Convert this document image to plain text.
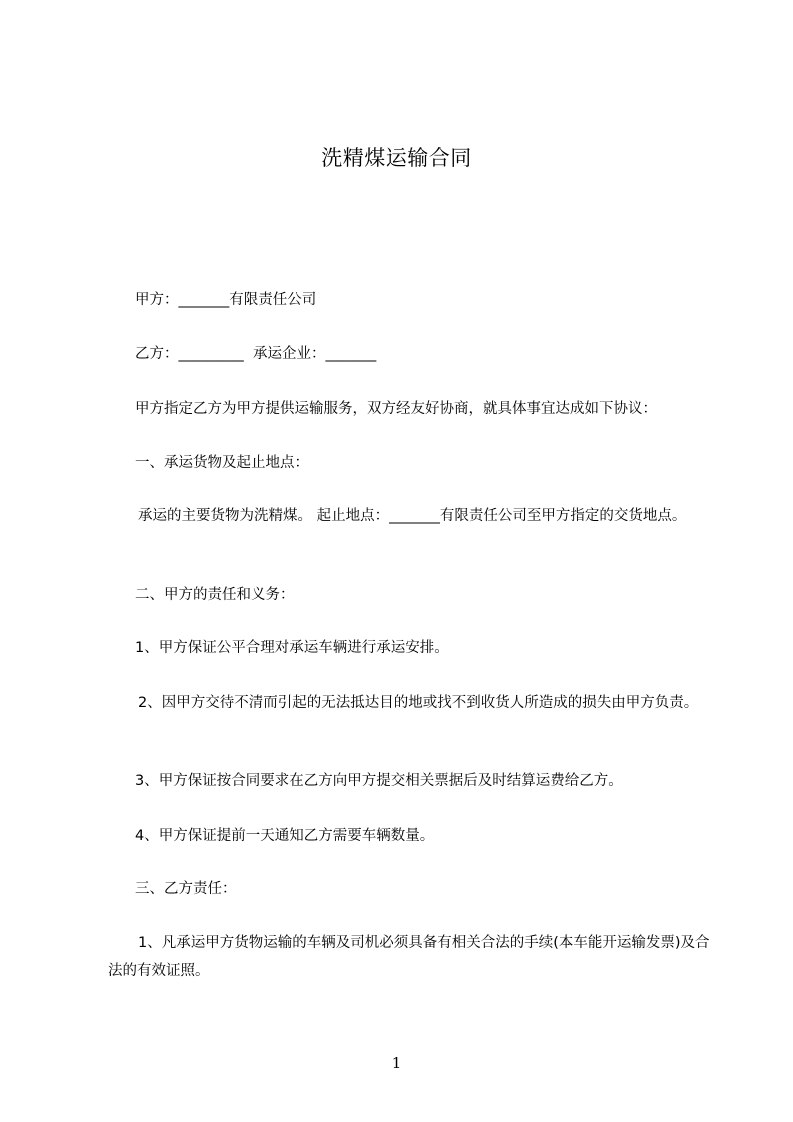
洗精煤运输合同
甲方：_______有限责任公司
乙方：_________ 承运企业：_______
甲方指定乙方为甲方提供运输服务，双方经友好协商，就具体事宜达成如下协议：
一、承运货物及起止地点：
承运的主要货物为洗精煤。 起止地点：_______有限责任公司至甲方指定的交货地点。
二、甲方的责任和义务：
1、甲方保证公平合理对承运车辆进行承运安排。
2、因甲方交待不清而引起的无法抵达目的地或找不到收货人所造成的损失由甲方负责。
3、甲方保证按合同要求在乙方向甲方提交相关票据后及时结算运费给乙方。
4、甲方保证提前一天通知乙方需要车辆数量。
三、乙方责任：
1、凡承运甲方货物运输的车辆及司机必须具备有相关合法的手续(本车能开运输发票)及合法的有效证照。
1
